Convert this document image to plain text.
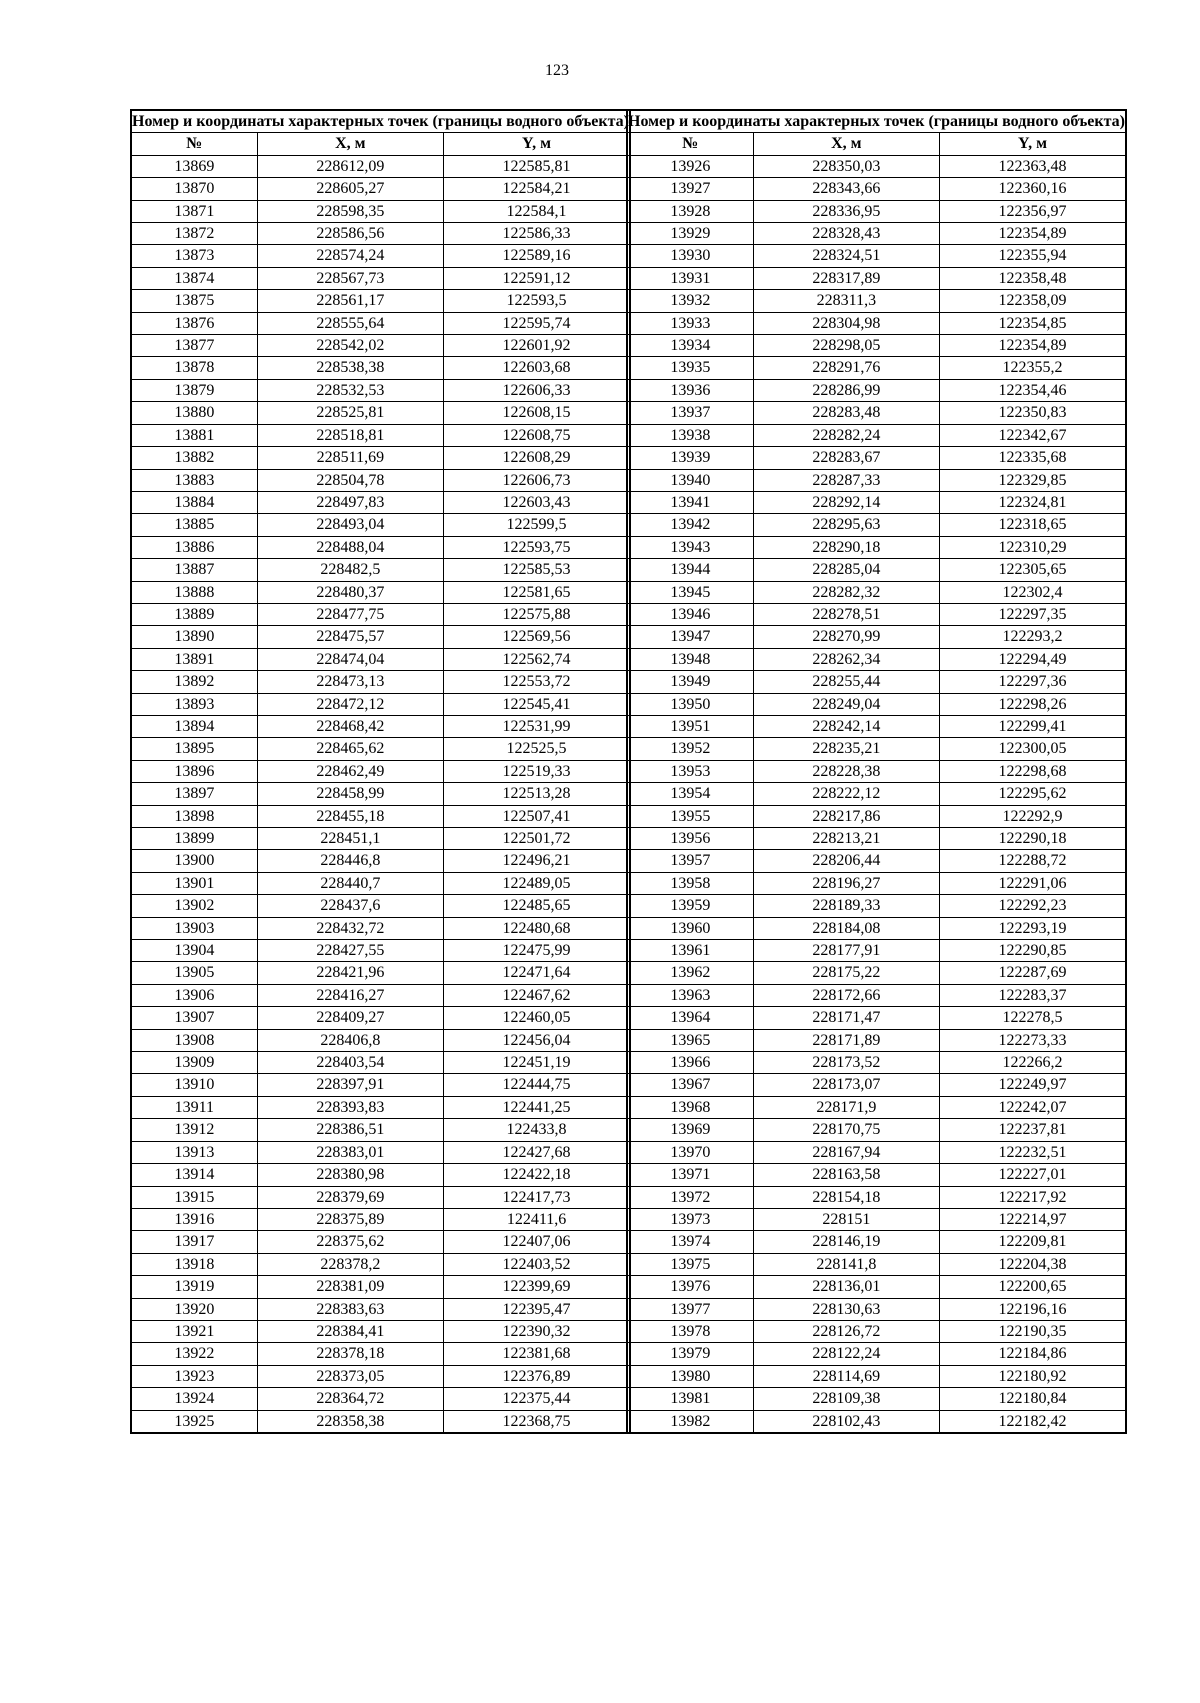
123
Номер и координаты характерных точек (границы водного объекта)		
№	X, м	Y, м
13869	228612,09	122585,81
13870	228605,27	122584,21
13871	228598,35	122584,1
13872	228586,56	122586,33
13873	228574,24	122589,16
13874	228567,73	122591,12
13875	228561,17	122593,5
13876	228555,64	122595,74
13877	228542,02	122601,92
13878	228538,38	122603,68
13879	228532,53	122606,33
13880	228525,81	122608,15
13881	228518,81	122608,75
13882	228511,69	122608,29
13883	228504,78	122606,73
13884	228497,83	122603,43
13885	228493,04	122599,5
13886	228488,04	122593,75
13887	228482,5	122585,53
13888	228480,37	122581,65
13889	228477,75	122575,88
13890	228475,57	122569,56
13891	228474,04	122562,74
13892	228473,13	122553,72
13893	228472,12	122545,41
13894	228468,42	122531,99
13895	228465,62	122525,5
13896	228462,49	122519,33
13897	228458,99	122513,28
13898	228455,18	122507,41
13899	228451,1	122501,72
13900	228446,8	122496,21
13901	228440,7	122489,05
13902	228437,6	122485,65
13903	228432,72	122480,68
13904	228427,55	122475,99
13905	228421,96	122471,64
13906	228416,27	122467,62
13907	228409,27	122460,05
13908	228406,8	122456,04
13909	228403,54	122451,19
13910	228397,91	122444,75
13911	228393,83	122441,25
13912	228386,51	122433,8
13913	228383,01	122427,68
13914	228380,98	122422,18
13915	228379,69	122417,73
13916	228375,89	122411,6
13917	228375,62	122407,06
13918	228378,2	122403,52
13919	228381,09	122399,69
13920	228383,63	122395,47
13921	228384,41	122390,32
13922	228378,18	122381,68
13923	228373,05	122376,89
13924	228364,72	122375,44
13925	228358,38	122368,75
Номер и координаты характерных точек (границы водного объекта)		
№	X, м	Y, м
13926	228350,03	122363,48
13927	228343,66	122360,16
13928	228336,95	122356,97
13929	228328,43	122354,89
13930	228324,51	122355,94
13931	228317,89	122358,48
13932	228311,3	122358,09
13933	228304,98	122354,85
13934	228298,05	122354,89
13935	228291,76	122355,2
13936	228286,99	122354,46
13937	228283,48	122350,83
13938	228282,24	122342,67
13939	228283,67	122335,68
13940	228287,33	122329,85
13941	228292,14	122324,81
13942	228295,63	122318,65
13943	228290,18	122310,29
13944	228285,04	122305,65
13945	228282,32	122302,4
13946	228278,51	122297,35
13947	228270,99	122293,2
13948	228262,34	122294,49
13949	228255,44	122297,36
13950	228249,04	122298,26
13951	228242,14	122299,41
13952	228235,21	122300,05
13953	228228,38	122298,68
13954	228222,12	122295,62
13955	228217,86	122292,9
13956	228213,21	122290,18
13957	228206,44	122288,72
13958	228196,27	122291,06
13959	228189,33	122292,23
13960	228184,08	122293,19
13961	228177,91	122290,85
13962	228175,22	122287,69
13963	228172,66	122283,37
13964	228171,47	122278,5
13965	228171,89	122273,33
13966	228173,52	122266,2
13967	228173,07	122249,97
13968	228171,9	122242,07
13969	228170,75	122237,81
13970	228167,94	122232,51
13971	228163,58	122227,01
13972	228154,18	122217,92
13973	228151	122214,97
13974	228146,19	122209,81
13975	228141,8	122204,38
13976	228136,01	122200,65
13977	228130,63	122196,16
13978	228126,72	122190,35
13979	228122,24	122184,86
13980	228114,69	122180,92
13981	228109,38	122180,84
13982	228102,43	122182,42
